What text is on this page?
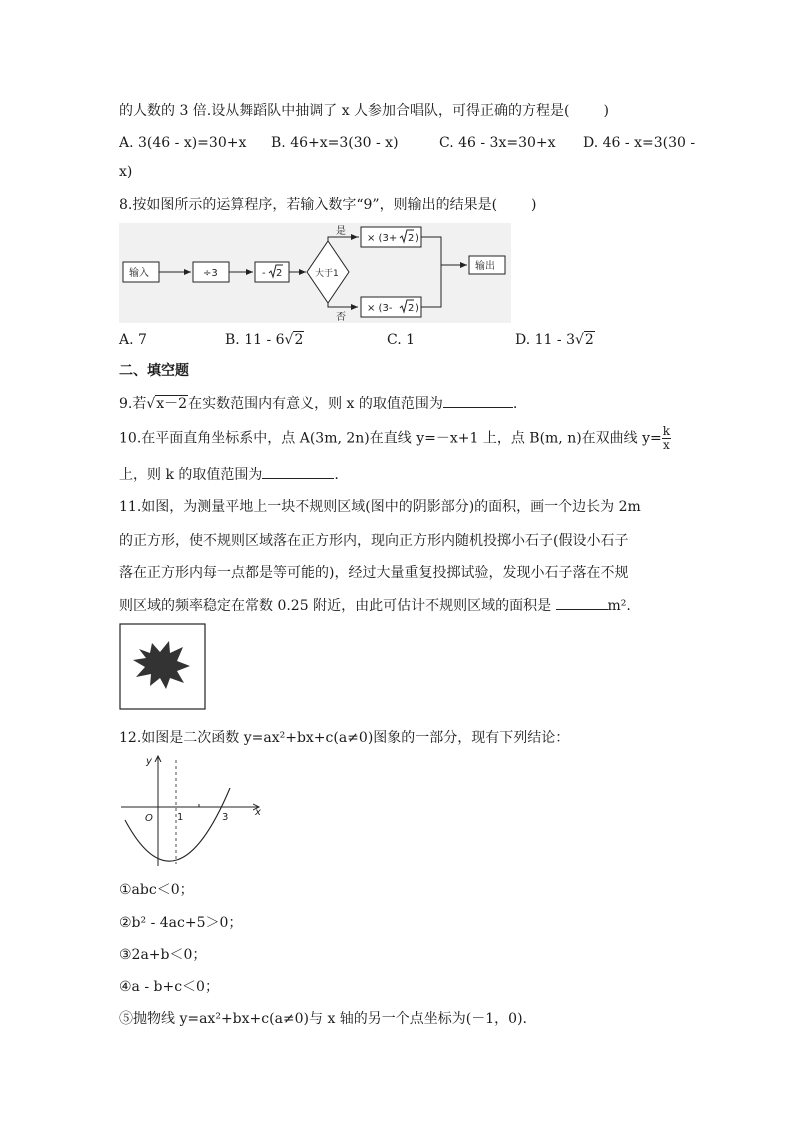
的人数的 3 倍.设从舞蹈队中抽调了 x 人参加合唱队，可得正确的方程是( )
A. 3(46 - x)=30+x B. 46+x=3(30 - x)	C. 46 - 3x=30+x D. 46 - x=3(30 -
x)
8.按如图所示的运算程序，若输入数字“9”，则输出的结果是( )
输入	÷3	- 2	大于1
是
否
× (3+ 2 )
× (3- 2 )
输出
A. 7	B. 11 - 6√2	C. 1	D. 11 - 3√2
二、填空题
9.若√x－2在实数范围内有意义，则 x 的取值范围为	.
10.在平面直角坐标系中，点 A(3m, 2n)在直线 y=－x+1 上，点 B(m, n)在双曲线 $y= \frac{k}{x}$
上，则 k 的取值范围为	.
11.如图，为测量平地上一块不规则区域(图中的阴影部分)的面积，画一个边长为 2m
的正方形，使不规则区域落在正方形内，现向正方形内随机投掷小石子(假设小石子
落在正方形内每一点都是等可能的)，经过大量重复投掷试验，发现小石子落在不规
则区域的频率稳定在常数 0.25 附近，由此可估计不规则区域的面积是	m².
12.如图是二次函数 y=ax²+bx+c(a≠0)图象的一部分，现有下列结论：
y
x
O 1	3
①abc＜0；
②b² - 4ac+5＞0；
③2a+b＜0；
④a - b+c＜0；
⑤抛物线 y=ax²+bx+c(a≠0)与 x 轴的另一个点坐标为(－1，0).
